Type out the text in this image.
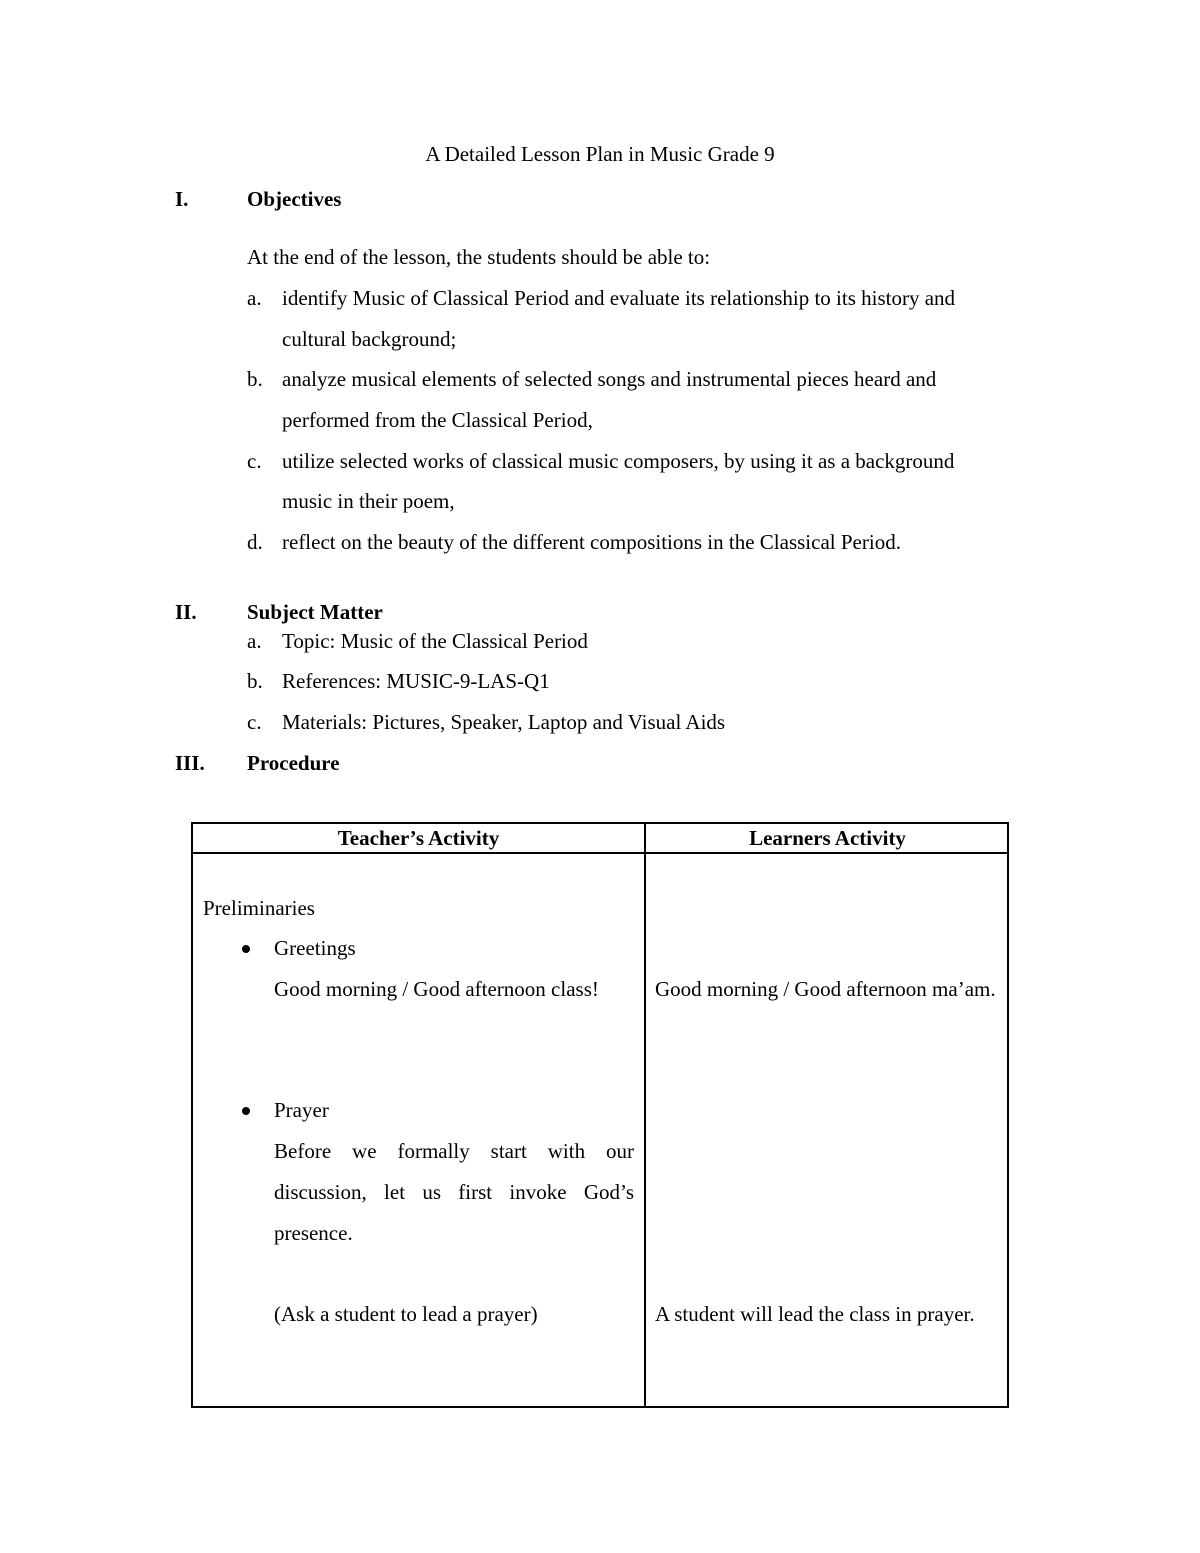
A Detailed Lesson Plan in Music Grade 9
I.	Objectives
At the end of the lesson, the students should be able to:
a. identify Music of Classical Period and evaluate its relationship to its history and
cultural background;
b. analyze musical elements of selected songs and instrumental pieces heard and
performed from the Classical Period,
c. utilize selected works of classical music composers, by using it as a background
music in their poem,
d. reflect on the beauty of the different compositions in the Classical Period.
II. Subject Matter
a. Topic: Music of the Classical Period
b. References: MUSIC-9-LAS-Q1
c. Materials: Pictures, Speaker, Laptop and Visual Aids
III. Procedure
Teacher’s Activity	Learners Activity
Preliminaries
Greetings
Good morning / Good afternoon class!
Prayer
Before we formally start with our discussion, let us first invoke God’s presence.
(Ask a student to lead a prayer)
Good morning / Good afternoon ma’am.
A student will lead the class in prayer.
